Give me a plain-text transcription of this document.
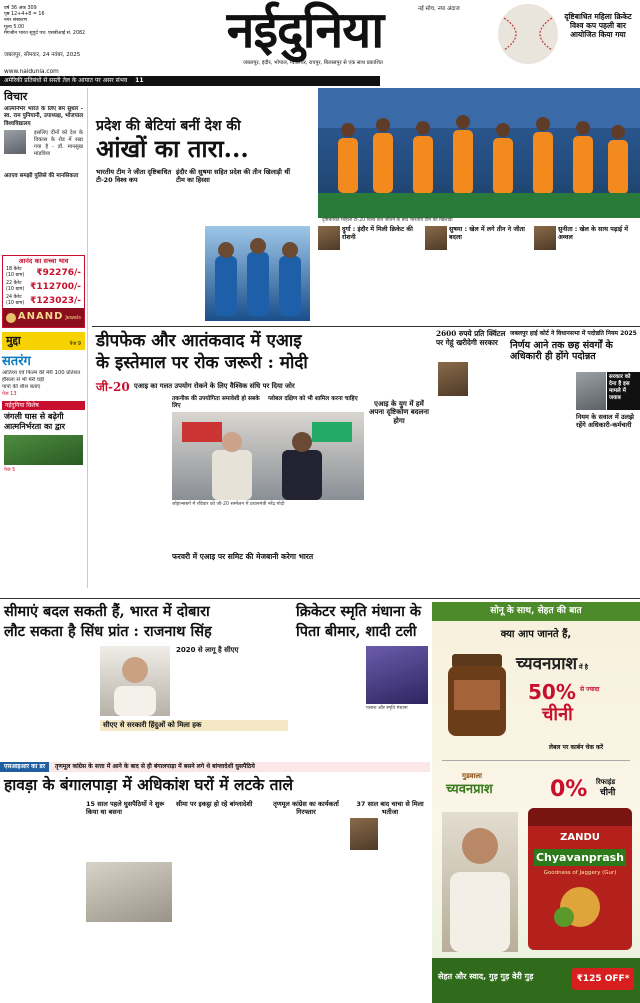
वर्ष 36 अंक 309
पृष्ठ 12+4+8 = 16
नगर संस्करण
मूल्य 5.00
मैगजीन भारत सुपुर्द पत्र: एसबीआई सं. 2082	नईदुनिया	नई सोच, नया अंदाज
जबलपुर, इंदौर, भोपाल, ग्वालियर, रायपुर, बिलासपुर से एक साथ प्रकाशित
जबलपुर, सोमवार, 24 नवंबर, 2025
दृष्टिबाधित महिला क्रिकेट विश्व कप पहली बार आयोजित किया गया
www.naidunia.com
अमेरिकी प्रतिबंधों से सस्ती तेल के आयात पर असर संभव 11
विचार
आत्मनिर्भर भारत के लिए बम सुधार - स्व. राम पुनियानी, उपाध्यक्ष, भोजपाल विश्वविद्यालय
इसलिए दीनों को देश के विकास के रोड में रखा गया है - डॉ. मानसुख मांडविया
अतएव समझी पुलिसे की मानसिकता

आनंद का सच्चा भाव
18 कैरेट
(10 ग्राम) ₹92276/-
22 कैरेट
(10 ग्राम) ₹112700/-
24 कैरेट
(10 ग्राम) ₹123023/-
ANAND Jewels
मुद्दा	पेज 9
सतरंग
आतिथ्य एवं फिल्म की मेरी 100 प्रतिशत
हौसला से भी मेरी घड़ी
पापों की शीश बताएं
पेज 13
नईदुनिया विशेष
जंगली घास से बढ़ेगी आत्मनिर्भरता का द्वार
पेज 5
प्रदेश की बेटियां बनीं देश की
आंखों का तारा...
भारतीय टीम ने जीता दृष्टिबाधित टी-20 विश्व कप
इंदौर की सुषमा सहित प्रदेश की तीन खिलाड़ी थीं टीम का हिस्सा

दृष्टिबाधित महिला टी-20 विश्व कप जीतने के बाद भारतीय टीम की खिलाड़ी
दुर्गा : इंदौर में मिली क्रिकेट की रोशनी

सुषमा : खेल में लगे तीन ने जीता बदला

सुनीता : खेल के साथ पढ़ाई में अव्वल

डीपफेक और आतंकवाद में एआइ
के इस्तेमाल पर रोक जरूरी : मोदी
जी-20 एआइ का गलत उपयोग रोकने के लिए वैश्विक संधि पर दिया जोर

तकनीक की उपयोगिता समावेशी हो सबके लिए
ग्लोबल दक्षिण को भी शामिल करना चाहिए
जोहान्सबर्ग में रविवार को जी-20 सम्मेलन में प्रधानमंत्री नरेंद्र मोदी

एआइ के युग में हमें अपना दृष्टिकोण बदलना होगा

फरवरी में एआइ पर समिट की मेजबानी करेगा भारत

2600 रुपये प्रति क्विंटल पर गेहूं खरीदेगी सरकार

जबलपुर हाई कोर्ट ने विधानसभा में पदोन्नति नियम 2025
निर्णय आने तक छह संवर्गों के अधिकारी ही होंगे पदोन्नत

सरकार को देना है इस मामले में जवाब
नियम के सवाल में उलझे रहेंगे अधिकारी-कर्मचारी

सीमाएं बदल सकती हैं, भारत में दोबारा
लौट सकता है सिंध प्रांत : राजनाथ सिंह

2020 से लागू है सीएए

सीएए से सरकारी हिंदुओं को मिला हक

क्रिकेटर स्मृति मंधाना के
पिता बीमार, शादी टली

पलाश और स्मृति मंधाना

सोनू के साथ, सेहत की बात
क्या आप जानते हैं,
च्यवनप्राश में है
50% से ज्यादा
चीनी
लेबल पर कार्बन चेक करें
गुडवाला
च्यवनप्राश	0% रिफाइंड
चीनी
ZANDU
Chyavanprash
Goodness of Jaggery (Gur)
सेहत और स्वाद, गुड़ गुड़ वेरी गुड़	₹125 OFF*
एसआइआर का डर तृणमूल कांग्रेस के सत्ता में आने के बाद से ही बंगालपाड़ा में बसने लगे थे बांग्लादेशी घुसपैठिये
हावड़ा के बंगालपाड़ा में अधिकांश घरों में लटके ताले

15 साल पहले घुसपैठियों ने शुरू किया था बसना

सीमा पर इकट्ठा हो रहे बांग्लादेशी
	तृणमूल कांग्रेस का कार्यकर्ता गिरफ्तार

37 साल बाद चाचा से मिला भतीजा
